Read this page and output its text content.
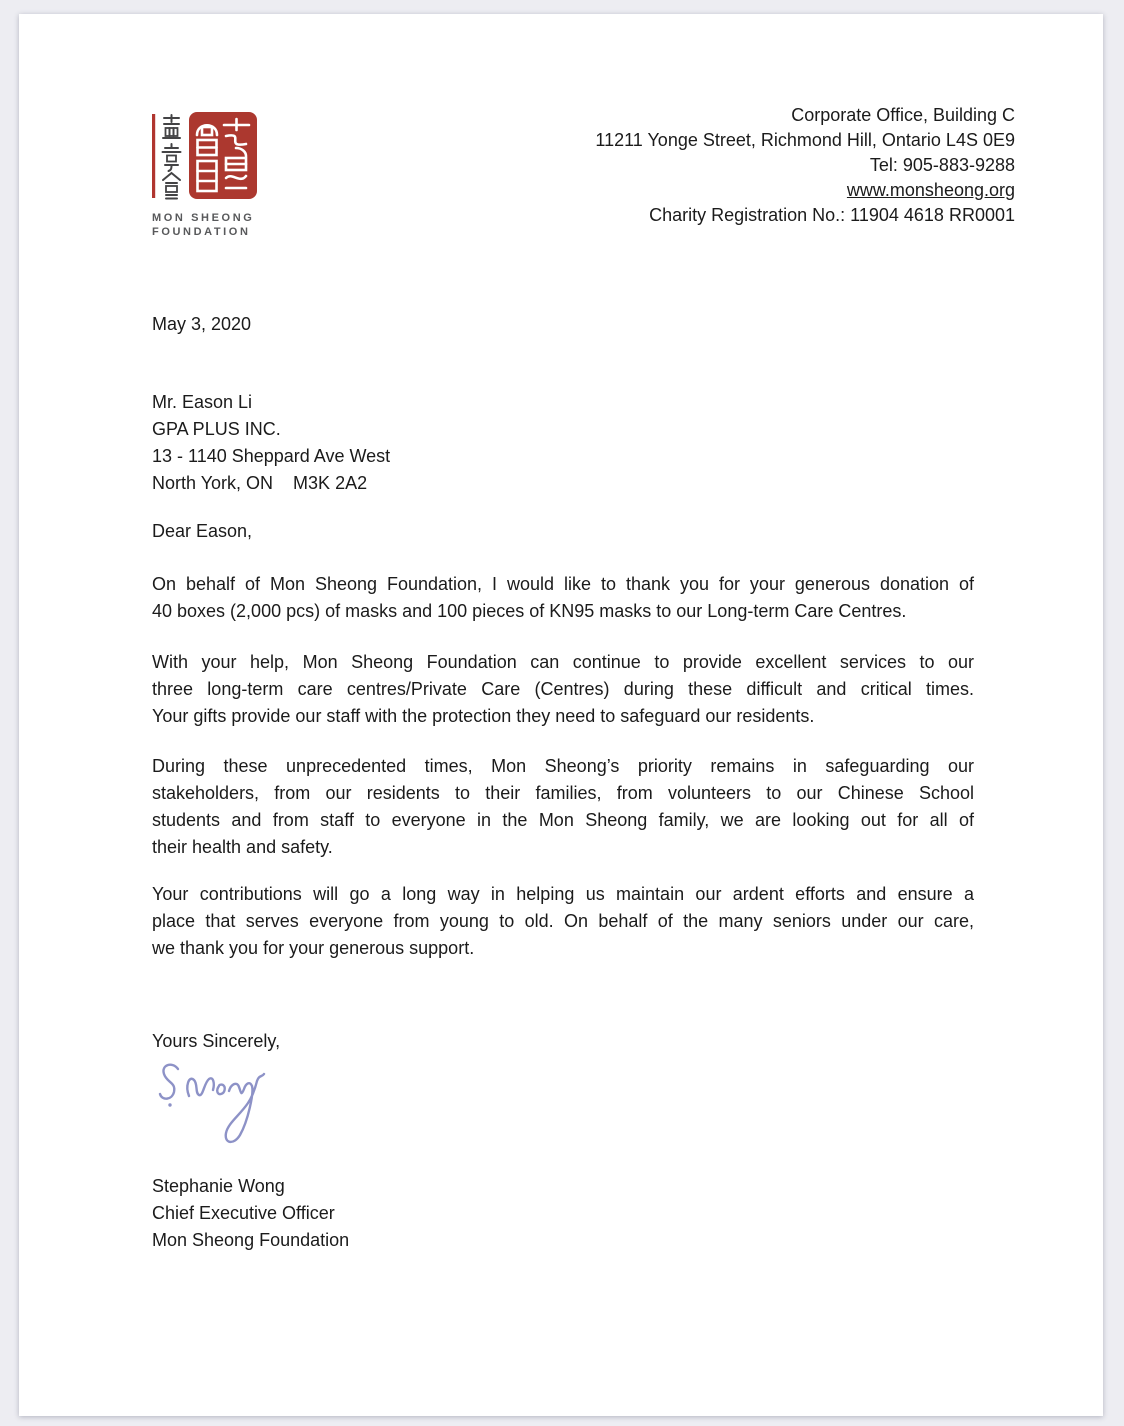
MON SHEONG
FOUNDATION
Corporate Office, Building C
11211 Yonge Street, Richmond Hill, Ontario L4S 0E9
Tel: 905-883-9288
www.monsheong.org
Charity Registration No.: 11904 4618 RR0001
May 3, 2020
Mr. Eason Li
GPA PLUS INC.
13 - 1140 Sheppard Ave West
North York, ON    M3K 2A2
Dear Eason,
On behalf of Mon Sheong Foundation, I would like to thank you for your generous donation of
40 boxes (2,000 pcs) of masks and 100 pieces of KN95 masks to our Long-term Care Centres.
With your help, Mon Sheong Foundation can continue to provide excellent services to our
three long-term care centres/Private Care (Centres) during these difficult and critical times.
Your gifts provide our staff with the protection they need to safeguard our residents.
During these unprecedented times, Mon Sheong’s priority remains in safeguarding our
stakeholders, from our residents to their families, from volunteers to our Chinese School
students and from staff to everyone in the Mon Sheong family, we are looking out for all of
their health and safety.
Your contributions will go a long way in helping us maintain our ardent efforts and ensure a
place that serves everyone from young to old. On behalf of the many seniors under our care,
we thank you for your generous support.
Yours Sincerely,
Stephanie Wong
Chief Executive Officer
Mon Sheong Foundation
